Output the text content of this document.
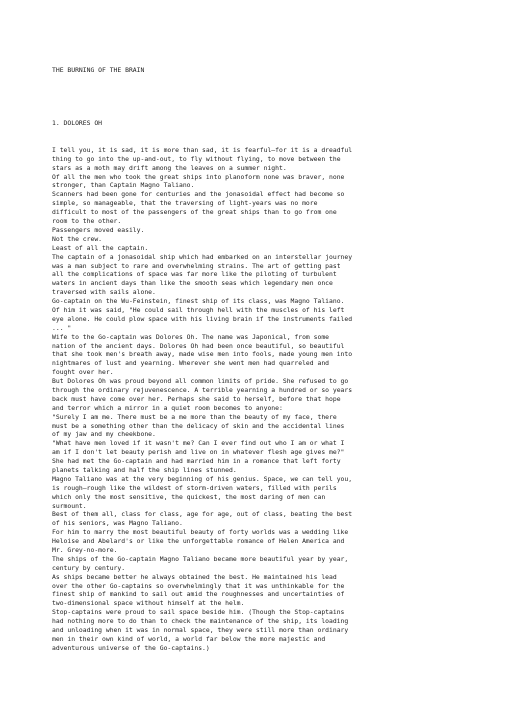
THE BURNING OF THE BRAIN

1. DOLORES OH

I tell you, it is sad, it is more than sad, it is fearful—for it is a dreadful
thing to go into the up-and-out, to fly without flying, to move between the
stars as a moth may drift among the leaves on a summer night.
Of all the men who took the great ships into planoform none was braver, none
stronger, than Captain Magno Taliano.
Scanners had been gone for centuries and the jonasoidal effect had become so
simple, so manageable, that the traversing of light-years was no more
difficult to most of the passengers of the great ships than to go from one
room to the other.
Passengers moved easily.
Not the crew.
Least of all the captain.
The captain of a jonasoidal ship which had embarked on an interstellar journey
was a man subject to rare and overwhelming strains. The art of getting past
all the complications of space was far more like the piloting of turbulent
waters in ancient days than like the smooth seas which legendary men once
traversed with sails alone.
Go-captain on the Wu-Feinstein, finest ship of its class, was Magno Taliano.
Of him it was said, "He could sail through hell with the muscles of his left
eye alone. He could plow space with his living brain if the instruments failed
... "
Wife to the Go-captain was Dolores Oh. The name was Japonical, from some
nation of the ancient days. Dolores Oh had been once beautiful, so beautiful
that she took men's breath away, made wise men into fools, made young men into
nightmares of lust and yearning. Wherever she went men had quarreled and
fought over her.
But Dolores Oh was proud beyond all common limits of pride. She refused to go
through the ordinary rejuvenescence. A terrible yearning a hundred or so years
back must have come over her. Perhaps she said to herself, before that hope
and terror which a mirror in a quiet room becomes to anyone:
"Surely I am me. There must be a me more than the beauty of my face, there
must be a something other than the delicacy of skin and the accidental lines
of my jaw and my cheekbone.
"What have men loved if it wasn't me? Can I ever find out who I am or what I
am if I don't let beauty perish and live on in whatever flesh age gives me?"
She had met the Go-captain and had married him in a romance that left forty
planets talking and half the ship lines stunned.
Magno Taliano was at the very beginning of his genius. Space, we can tell you,
is rough—rough like the wildest of storm-driven waters, filled with perils
which only the most sensitive, the quickest, the most daring of men can
surmount.
Best of them all, class for class, age for age, out of class, beating the best
of his seniors, was Magno Taliano.
For him to marry the most beautiful beauty of forty worlds was a wedding like
Heloise and Abelard's or like the unforgettable romance of Helen America and
Mr. Grey-no-more.
The ships of the Go-captain Magno Taliano became more beautiful year by year,
century by century.
As ships became better he always obtained the best. He maintained his lead
over the other Go-captains so overwhelmingly that it was unthinkable for the
finest ship of mankind to sail out amid the roughnesses and uncertainties of
two-dimensional space without himself at the helm.
Stop-captains were proud to sail space beside him. (Though the Stop-captains
had nothing more to do than to check the maintenance of the ship, its loading
and unloading when it was in normal space, they were still more than ordinary
men in their own kind of world, a world far below the more majestic and
adventurous universe of the Go-captains.)
